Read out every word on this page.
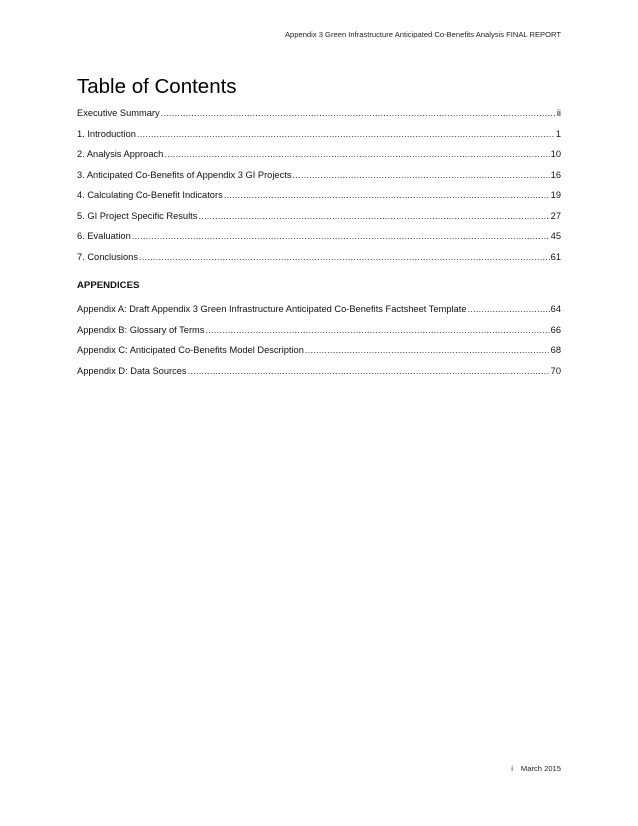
Appendix 3 Green Infrastructure Anticipated Co-Benefits Analysis FINAL REPORT
Table of Contents
Executive Summary .....	ii
1. Introduction .....	1
2. Analysis Approach .....	10
3. Anticipated Co-Benefits of Appendix 3 GI Projects .....	16
4. Calculating Co-Benefit Indicators .....	19
5. GI Project Specific Results .....	27
6. Evaluation .....	45
7. Conclusions .....	61
APPENDICES
Appendix A: Draft Appendix 3 Green Infrastructure Anticipated Co-Benefits Factsheet Template .....	64
Appendix B: Glossary of Terms .....	66
Appendix C: Anticipated Co-Benefits Model Description .....	68
Appendix D: Data Sources .....	70
i March 2015
